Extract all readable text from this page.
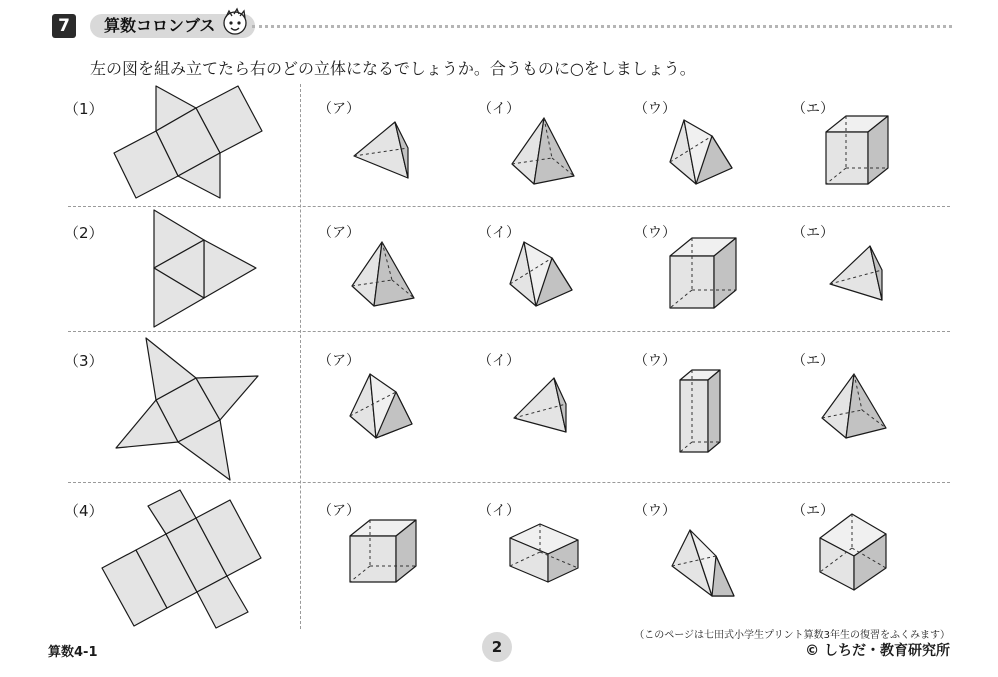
7	算数コロンブス
左の図を組み立てたら右のどの立体になるでしょうか。合うものに○をしましょう。
（1）
（2）
（3）
（4）
（ア）	（イ）	（ウ）	（エ）
（ア）	（イ）	（ウ）	（エ）
（ア）	（イ）	（ウ）	（エ）
（ア）	（イ）	（ウ）	（エ）
算数4-1	2
（このページは七田式小学生プリント算数3年生の復習をふくみます）
© しちだ・教育研究所
